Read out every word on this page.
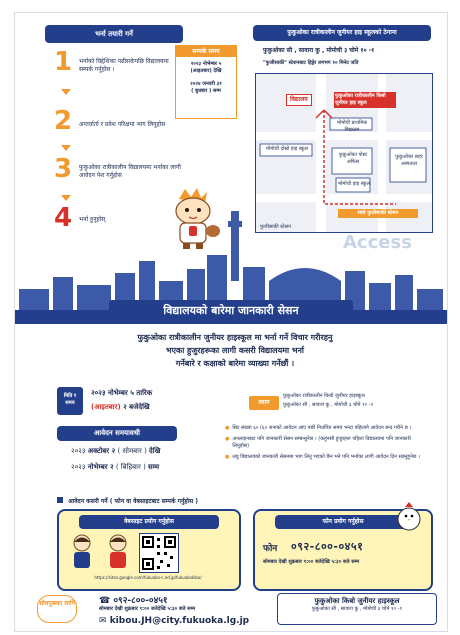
भर्ना तयारी गर्ने
1 भर्नाको विद्देशिका पढीसकेपछि विद्यालयमा सम्पर्क गर्नुहोस ।
2 अन्तर्वार्ता र प्रवेश परिक्षमा भाग लिनुहोस
3 फुकुओका रात्रीकालीन विद्यालयमा भर्नाका लागी आवेदन पेश गर्नुहोस
4 भर्ना हुनुहोस्
सम्पर्क समय
२०२३ नोभेम्बर ५
(आइतबार) देखि
२०२४ जनवरी ३१
( बुधबार ) सम्म
फुकुओका रात्रीकालीन जुनीयर हाइ स्कूलको ठेगाना
फुकुओका सी , सावारा कु , मोमोची ३ चोमे १० -१
"फुजीसाकी" स्टेशनबाट हिड्रेर लगभग १० मिनेट जति
विद्यालय	फुकुओका रात्रीकालीन किबो जुनीयर हाइ स्कूल
मोमोची प्राथमिक विद्यालय
मोमोची दोस्रो हाइ स्कूल
फुकुओका पोस्ट अफिस
फुकुओका सहर अस्पताल
मोमोची हाइ स्कूल
फुजीसाकी स्टेसन
सब्वे फुजीसाकी स्टेसन
Access
विद्यालयको बारेमा जानकारी सेसन
फुकुओका रात्रीकालीन जुनीयर हाइस्कूल मा भर्ना गर्ने विचार गरीरहनु
भएका हुजुरहरूका लागी कसरी विद्यालयमा भर्ना
गर्नेबारे र कक्षाको बारेमा व्याख्या गर्नेछौं ।
मिति र
समय
२०२३ नोभेम्बर ५ तारिक
(आइतबार) २ बजेदेखि
स्थान
फुकुओका रात्रीकालीन किबो जुनीयर हाइस्कूल
फुकुओका सी , सावारा कु , मोमोची ३ चोमे १० -१
आवेदन समयावधी
२०२३ अक्टोबर २ ( सोमबार ) देखि
२०२३ नोभेम्बर २ ( बिहिबार ) सम्म
● सिट संख्या ६० (६० जनाको आवेदन आए पछी निर्धारित समय भन्दा पहिलानै आवेदन बन्द गरीने छ ।
● अनलाइनबाट पनि जानकारी सेसन सम्बन्धुनेछ । (कहुनसी हुजुरहरू पहिला विद्यालयमा पनि जानकारी लिनुहोस)
● लघु विद्यालयको जानकारी सेसनमा भाग लिनु भएको छैन भने पनि भर्नाका लागी आवेदन दिन सक्नुहुनेछ ।
आवेदन कसरी गर्ने ( फोन वा वेबसाइटबाट सम्पर्क गर्नुहोस )
वेबसाइट प्रयोग गर्नुहोस
https://sites.google.com/fukuoka-c.ed.jp/fukuokakibo/
फोन प्रयोग गर्नुहोस
फोन ०९२-८००-०४५१
सोमबार देखी शुक्रबार ९:०० बजेदेखि ५:३० बजे सम्म
सोधपुछका लागि	☎ ०९२-८००-०४५१
सोमबार देखी शुक्रबार ९:०० बजेदेखि ५:३० बजे सम्म
✉ kibou.JH@city.fukuoka.lg.jp
फुकुओका किबो जुनीयर हाइस्कूल
फुकुओका सी , सावारा कु , मोमोची ३ चोमे १० -१
